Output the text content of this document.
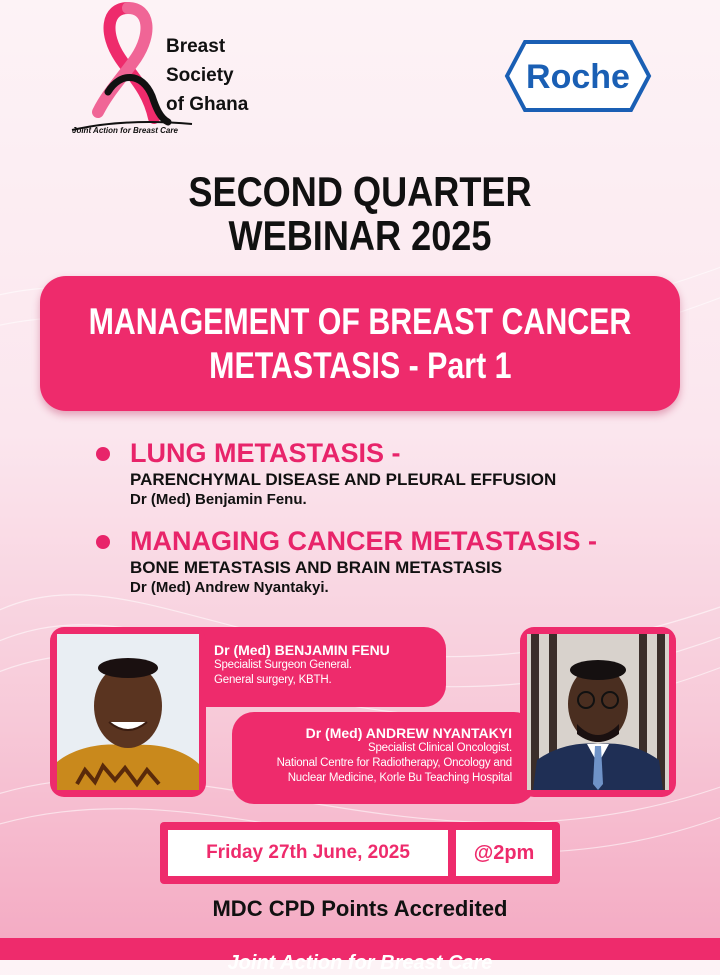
Breast
Society
of Ghana
Joint Action for Breast Care
Roche
SECOND QUARTER
WEBINAR 2025
MANAGEMENT OF BREAST CANCER
METASTASIS - Part 1
LUNG METASTASIS -
PARENCHYMAL DISEASE AND PLEURAL EFFUSION
Dr (Med) Benjamin Fenu.
MANAGING CANCER METASTASIS -
BONE METASTASIS AND BRAIN METASTASIS
Dr (Med) Andrew Nyantakyi.
Dr (Med) BENJAMIN FENU
Specialist Surgeon General.
General surgery, KBTH.
Dr (Med) ANDREW NYANTAKYI
Specialist Clinical Oncologist.
National Centre for Radiotherapy, Oncology and
Nuclear Medicine, Korle Bu Teaching Hospital
Friday 27th June, 2025	@2pm
MDC CPD Points Accredited
Joint Action for Breast Care
